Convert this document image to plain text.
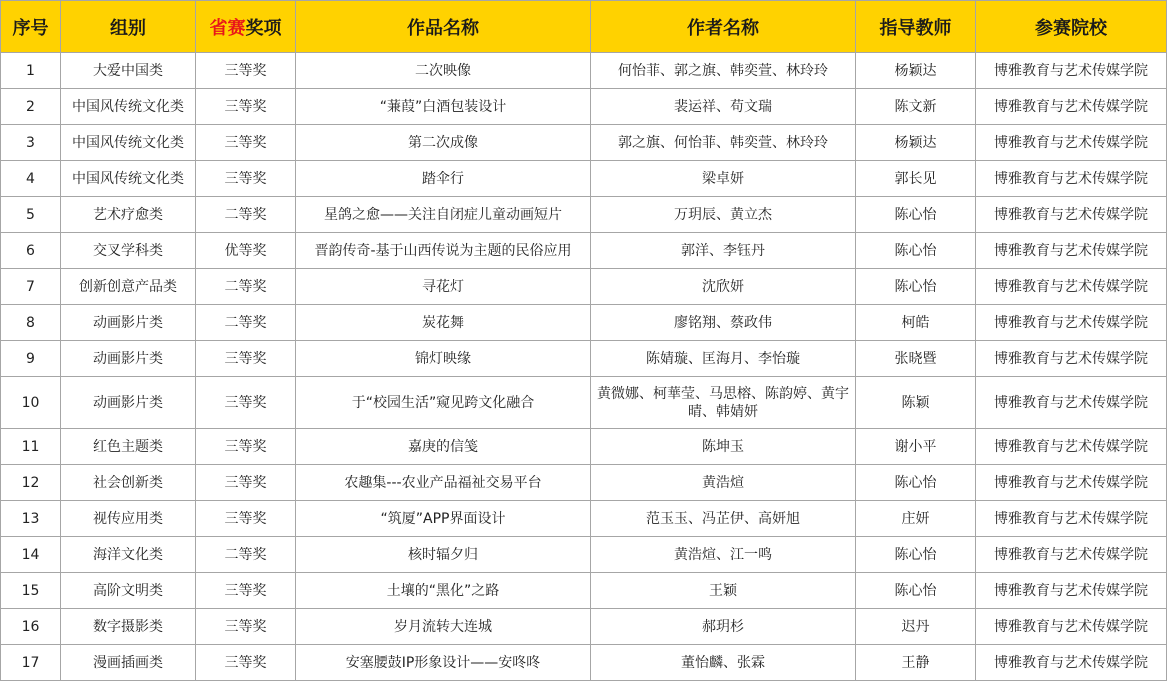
序号	组别	省赛奖项	作品名称	作者名称	指导教师	参赛院校
1	大爱中国类	三等奖	二次映像	何怡菲、郭之旗、韩奕萱、林玲玲	杨颖达	博雅教育与艺术传媒学院
2	中国风传统文化类	三等奖	“蒹葭”白酒包装设计	裴运祥、苟文瑞	陈文新	博雅教育与艺术传媒学院
3	中国风传统文化类	三等奖	第二次成像	郭之旗、何怡菲、韩奕萱、林玲玲	杨颖达	博雅教育与艺术传媒学院
4	中国风传统文化类	三等奖	踏伞行	梁卓妍	郭长见	博雅教育与艺术传媒学院
5	艺术疗愈类	二等奖	星鸽之愈——关注自闭症儿童动画短片	万玥辰、黄立杰	陈心怡	博雅教育与艺术传媒学院
6	交叉学科类	优等奖	晋韵传奇-基于山西传说为主题的民俗应用	郭洋、李钰丹	陈心怡	博雅教育与艺术传媒学院
7	创新创意产品类	二等奖	寻花灯	沈欣妍	陈心怡	博雅教育与艺术传媒学院
8	动画影片类	二等奖	炭花舞	廖铭翔、蔡政伟	柯皓	博雅教育与艺术传媒学院
9	动画影片类	三等奖	锦灯映缘	陈婧璇、匡海月、李怡璇	张晓暨	博雅教育与艺术传媒学院
10	动画影片类	三等奖	于“校园生活”窥见跨文化融合	黄微娜、柯華莹、马思榕、陈韵婷、黄宇晴、韩婧妍	陈颖	博雅教育与艺术传媒学院
11	红色主题类	三等奖	嘉庚的信笺	陈坤玉	谢小平	博雅教育与艺术传媒学院
12	社会创新类	三等奖	农趣集---农业产品福祉交易平台	黄浩煊	陈心怡	博雅教育与艺术传媒学院
13	视传应用类	三等奖	“筑厦”APP界面设计	范玉玉、冯芷伊、高妍旭	庄妍	博雅教育与艺术传媒学院
14	海洋文化类	二等奖	核时辐夕归	黄浩煊、江一鸣	陈心怡	博雅教育与艺术传媒学院
15	高阶文明类	三等奖	土壤的“黑化”之路	王颖	陈心怡	博雅教育与艺术传媒学院
16	数字摄影类	三等奖	岁月流转大连城	郝玥杉	迟丹	博雅教育与艺术传媒学院
17	漫画插画类	三等奖	安塞腰鼓IP形象设计——安咚咚	董怡麟、张霖	王静	博雅教育与艺术传媒学院
